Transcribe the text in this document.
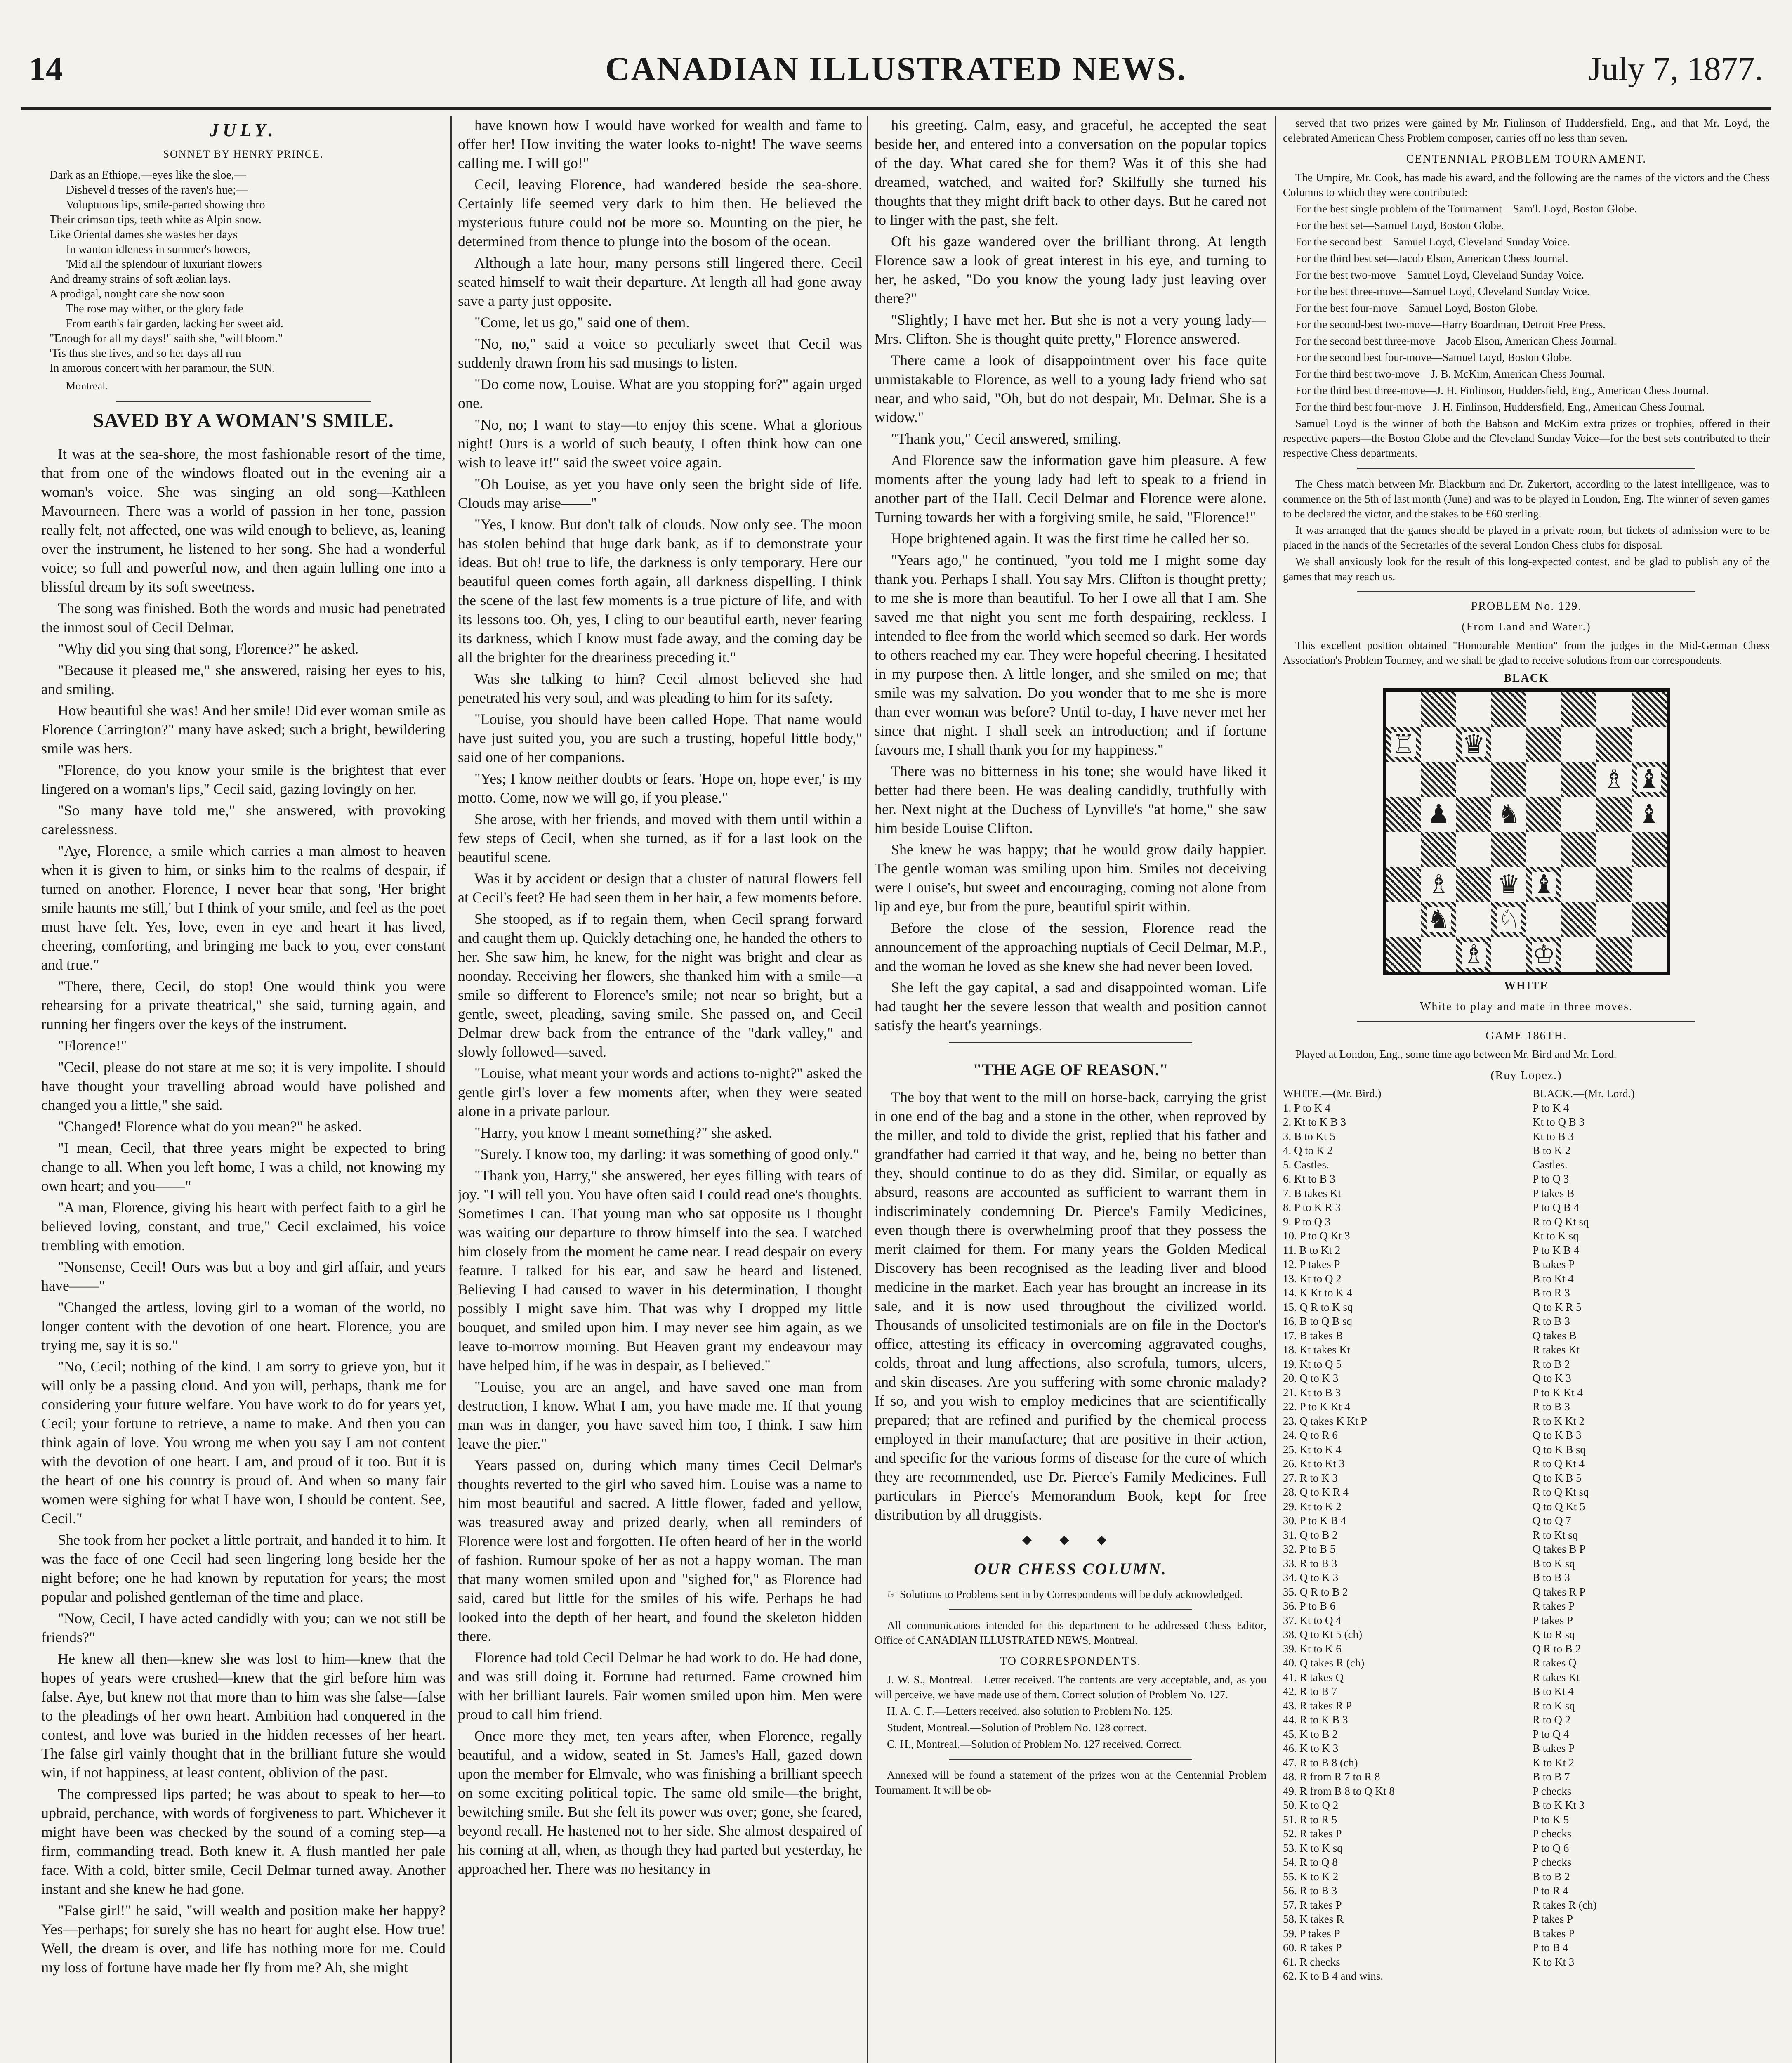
14	CANADIAN ILLUSTRATED NEWS.	July 7, 1877.
JULY.
SONNET BY HENRY PRINCE.
Dark as an Ethiope,—eyes like the sloe,—
Dishevel'd tresses of the raven's hue;—
Voluptuous lips, smile-parted showing thro'
Their crimson tips, teeth white as Alpin snow.
Like Oriental dames she wastes her days
In wanton idleness in summer's bowers,
'Mid all the splendour of luxuriant flowers
And dreamy strains of soft æolian lays.
A prodigal, nought care she now soon
The rose may wither, or the glory fade
From earth's fair garden, lacking her sweet aid.
"Enough for all my days!" saith she, "will bloom."
'Tis thus she lives, and so her days all run
In amorous concert with her paramour, the SUN.
Montreal.
SAVED BY A WOMAN'S SMILE.

It was at the sea-shore, the most fashionable resort of the time, that from one of the windows floated out in the evening air a woman's voice. She was singing an old song—Kathleen Mavourneen. There was a world of passion in her tone, passion really felt, not affected, one was wild enough to believe, as, leaning over the instrument, he listened to her song. She had a wonderful voice; so full and powerful now, and then again lulling one into a blissful dream by its soft sweetness.

The song was finished. Both the words and music had penetrated the inmost soul of Cecil Delmar.

"Why did you sing that song, Florence?" he asked.

"Because it pleased me," she answered, raising her eyes to his, and smiling.

How beautiful she was! And her smile! Did ever woman smile as Florence Carrington?" many have asked; such a bright, bewildering smile was hers.

"Florence, do you know your smile is the brightest that ever lingered on a woman's lips," Cecil said, gazing lovingly on her.

"So many have told me," she answered, with provoking carelessness.

"Aye, Florence, a smile which carries a man almost to heaven when it is given to him, or sinks him to the realms of despair, if turned on another. Florence, I never hear that song, 'Her bright smile haunts me still,' but I think of your smile, and feel as the poet must have felt. Yes, love, even in eye and heart it has lived, cheering, comforting, and bringing me back to you, ever constant and true."

"There, there, Cecil, do stop! One would think you were rehearsing for a private theatrical," she said, turning again, and running her fingers over the keys of the instrument.

"Florence!"

"Cecil, please do not stare at me so; it is very impolite. I should have thought your travelling abroad would have polished and changed you a little," she said.

"Changed! Florence what do you mean?" he asked.

"I mean, Cecil, that three years might be expected to bring change to all. When you left home, I was a child, not knowing my own heart; and you——"

"A man, Florence, giving his heart with perfect faith to a girl he believed loving, constant, and true," Cecil exclaimed, his voice trembling with emotion.

"Nonsense, Cecil! Ours was but a boy and girl affair, and years have——"

"Changed the artless, loving girl to a woman of the world, no longer content with the devotion of one heart. Florence, you are trying me, say it is so."

"No, Cecil; nothing of the kind. I am sorry to grieve you, but it will only be a passing cloud. And you will, perhaps, thank me for considering your future welfare. You have work to do for years yet, Cecil; your fortune to retrieve, a name to make. And then you can think again of love. You wrong me when you say I am not content with the devotion of one heart. I am, and proud of it too. But it is the heart of one his country is proud of. And when so many fair women were sighing for what I have won, I should be content. See, Cecil."

She took from her pocket a little portrait, and handed it to him. It was the face of one Cecil had seen lingering long beside her the night before; one he had known by reputation for years; the most popular and polished gentleman of the time and place.

"Now, Cecil, I have acted candidly with you; can we not still be friends?"

He knew all then—knew she was lost to him—knew that the hopes of years were crushed—knew that the girl before him was false. Aye, but knew not that more than to him was she false—false to the pleadings of her own heart. Ambition had conquered in the contest, and love was buried in the hidden recesses of her heart. The false girl vainly thought that in the brilliant future she would win, if not happiness, at least content, oblivion of the past.

The compressed lips parted; he was about to speak to her—to upbraid, perchance, with words of forgiveness to part. Whichever it might have been was checked by the sound of a coming step—a firm, commanding tread. Both knew it. A flush mantled her pale face. With a cold, bitter smile, Cecil Delmar turned away. Another instant and she knew he had gone.

"False girl!" he said, "will wealth and position make her happy? Yes—perhaps; for surely she has no heart for aught else. How true! Well, the dream is over, and life has nothing more for me. Could my loss of fortune have made her fly from me? Ah, she might

have known how I would have worked for wealth and fame to offer her! How inviting the water looks to-night! The wave seems calling me. I will go!"

Cecil, leaving Florence, had wandered beside the sea-shore. Certainly life seemed very dark to him then. He believed the mysterious future could not be more so. Mounting on the pier, he determined from thence to plunge into the bosom of the ocean.

Although a late hour, many persons still lingered there. Cecil seated himself to wait their departure. At length all had gone away save a party just opposite.

"Come, let us go," said one of them.

"No, no," said a voice so peculiarly sweet that Cecil was suddenly drawn from his sad musings to listen.

"Do come now, Louise. What are you stopping for?" again urged one.

"No, no; I want to stay—to enjoy this scene. What a glorious night! Ours is a world of such beauty, I often think how can one wish to leave it!" said the sweet voice again.

"Oh Louise, as yet you have only seen the bright side of life. Clouds may arise——"

"Yes, I know. But don't talk of clouds. Now only see. The moon has stolen behind that huge dark bank, as if to demonstrate your ideas. But oh! true to life, the darkness is only temporary. Here our beautiful queen comes forth again, all darkness dispelling. I think the scene of the last few moments is a true picture of life, and with its lessons too. Oh, yes, I cling to our beautiful earth, never fearing its darkness, which I know must fade away, and the coming day be all the brighter for the dreariness preceding it."

Was she talking to him? Cecil almost believed she had penetrated his very soul, and was pleading to him for its safety.

"Louise, you should have been called Hope. That name would have just suited you, you are such a trusting, hopeful little body," said one of her companions.

"Yes; I know neither doubts or fears. 'Hope on, hope ever,' is my motto. Come, now we will go, if you please."

She arose, with her friends, and moved with them until within a few steps of Cecil, when she turned, as if for a last look on the beautiful scene.

Was it by accident or design that a cluster of natural flowers fell at Cecil's feet? He had seen them in her hair, a few moments before.

She stooped, as if to regain them, when Cecil sprang forward and caught them up. Quickly detaching one, he handed the others to her. She saw him, he knew, for the night was bright and clear as noonday. Receiving her flowers, she thanked him with a smile—a smile so different to Florence's smile; not near so bright, but a gentle, sweet, pleading, saving smile. She passed on, and Cecil Delmar drew back from the entrance of the "dark valley," and slowly followed—saved.

"Louise, what meant your words and actions to-night?" asked the gentle girl's lover a few moments after, when they were seated alone in a private parlour.

"Harry, you know I meant something?" she asked.

"Surely. I know too, my darling: it was something of good only."

"Thank you, Harry," she answered, her eyes filling with tears of joy. "I will tell you. You have often said I could read one's thoughts. Sometimes I can. That young man who sat opposite us I thought was waiting our departure to throw himself into the sea. I watched him closely from the moment he came near. I read despair on every feature. I talked for his ear, and saw he heard and listened. Believing I had caused to waver in his determination, I thought possibly I might save him. That was why I dropped my little bouquet, and smiled upon him. I may never see him again, as we leave to-morrow morning. But Heaven grant my endeavour may have helped him, if he was in despair, as I believed."

"Louise, you are an angel, and have saved one man from destruction, I know. What I am, you have made me. If that young man was in danger, you have saved him too, I think. I saw him leave the pier."

Years passed on, during which many times Cecil Delmar's thoughts reverted to the girl who saved him. Louise was a name to him most beautiful and sacred. A little flower, faded and yellow, was treasured away and prized dearly, when all reminders of Florence were lost and forgotten. He often heard of her in the world of fashion. Rumour spoke of her as not a happy woman. The man that many women smiled upon and "sighed for," as Florence had said, cared but little for the smiles of his wife. Perhaps he had looked into the depth of her heart, and found the skeleton hidden there.

Florence had told Cecil Delmar he had work to do. He had done, and was still doing it. Fortune had returned. Fame crowned him with her brilliant laurels. Fair women smiled upon him. Men were proud to call him friend.

Once more they met, ten years after, when Florence, regally beautiful, and a widow, seated in St. James's Hall, gazed down upon the member for Elmvale, who was finishing a brilliant speech on some exciting political topic. The same old smile—the bright, bewitching smile. But she felt its power was over; gone, she feared, beyond recall. He hastened not to her side. She almost despaired of his coming at all, when, as though they had parted but yesterday, he approached her. There was no hesitancy in

his greeting. Calm, easy, and graceful, he accepted the seat beside her, and entered into a conversation on the popular topics of the day. What cared she for them? Was it of this she had dreamed, watched, and waited for? Skilfully she turned his thoughts that they might drift back to other days. But he cared not to linger with the past, she felt.

Oft his gaze wandered over the brilliant throng. At length Florence saw a look of great interest in his eye, and turning to her, he asked, "Do you know the young lady just leaving over there?"

"Slightly; I have met her. But she is not a very young lady—Mrs. Clifton. She is thought quite pretty," Florence answered.

There came a look of disappointment over his face quite unmistakable to Florence, as well to a young lady friend who sat near, and who said, "Oh, but do not despair, Mr. Delmar. She is a widow."

"Thank you," Cecil answered, smiling.

And Florence saw the information gave him pleasure. A few moments after the young lady had left to speak to a friend in another part of the Hall. Cecil Delmar and Florence were alone. Turning towards her with a forgiving smile, he said, "Florence!"

Hope brightened again. It was the first time he called her so.

"Years ago," he continued, "you told me I might some day thank you. Perhaps I shall. You say Mrs. Clifton is thought pretty; to me she is more than beautiful. To her I owe all that I am. She saved me that night you sent me forth despairing, reckless. I intended to flee from the world which seemed so dark. Her words to others reached my ear. They were hopeful cheering. I hesitated in my purpose then. A little longer, and she smiled on me; that smile was my salvation. Do you wonder that to me she is more than ever woman was before? Until to-day, I have never met her since that night. I shall seek an introduction; and if fortune favours me, I shall thank you for my happiness."

There was no bitterness in his tone; she would have liked it better had there been. He was dealing candidly, truthfully with her. Next night at the Duchess of Lynville's "at home," she saw him beside Louise Clifton.

She knew he was happy; that he would grow daily happier. The gentle woman was smiling upon him. Smiles not deceiving were Louise's, but sweet and encouraging, coming not alone from lip and eye, but from the pure, beautiful spirit within.

Before the close of the session, Florence read the announcement of the approaching nuptials of Cecil Delmar, M.P., and the woman he loved as she knew she had never been loved.

She left the gay capital, a sad and disappointed woman. Life had taught her the severe lesson that wealth and position cannot satisfy the heart's yearnings.

"THE AGE OF REASON."

The boy that went to the mill on horse-back, carrying the grist in one end of the bag and a stone in the other, when reproved by the miller, and told to divide the grist, replied that his father and grandfather had carried it that way, and he, being no better than they, should continue to do as they did. Similar, or equally as absurd, reasons are accounted as sufficient to warrant them in indiscriminately condemning Dr. Pierce's Family Medicines, even though there is overwhelming proof that they possess the merit claimed for them. For many years the Golden Medical Discovery has been recognised as the leading liver and blood medicine in the market. Each year has brought an increase in its sale, and it is now used throughout the civilized world. Thousands of unsolicited testimonials are on file in the Doctor's office, attesting its efficacy in overcoming aggravated coughs, colds, throat and lung affections, also scrofula, tumors, ulcers, and skin diseases. Are you suffering with some chronic malady? If so, and you wish to employ medicines that are scientifically prepared; that are refined and purified by the chemical process employed in their manufacture; that are positive in their action, and specific for the various forms of disease for the cure of which they are recommended, use Dr. Pierce's Family Medicines. Full particulars in Pierce's Memorandum Book, kept for free distribution by all druggists.

◆ ◆ ◆
OUR CHESS COLUMN.

☞ Solutions to Problems sent in by Correspondents will be duly acknowledged.

All communications intended for this department to be addressed Chess Editor, Office of CANADIAN ILLUSTRATED NEWS, Montreal.

TO CORRESPONDENTS.

J. W. S., Montreal.—Letter received. The contents are very acceptable, and, as you will perceive, we have made use of them. Correct solution of Problem No. 127.

H. A. C. F.—Letters received, also solution to Problem No. 125.

Student, Montreal.—Solution of Problem No. 128 correct.

C. H., Montreal.—Solution of Problem No. 127 received. Correct.

Annexed will be found a statement of the prizes won at the Centennial Problem Tournament. It will be ob-

served that two prizes were gained by Mr. Finlinson of Huddersfield, Eng., and that Mr. Loyd, the celebrated American Chess Problem composer, carries off no less than seven.

CENTENNIAL PROBLEM TOURNAMENT.

The Umpire, Mr. Cook, has made his award, and the following are the names of the victors and the Chess Columns to which they were contributed:

For the best single problem of the Tournament—Sam'l. Loyd, Boston Globe.

For the best set—Samuel Loyd, Boston Globe.

For the second best—Samuel Loyd, Cleveland Sunday Voice.

For the third best set—Jacob Elson, American Chess Journal.

For the best two-move—Samuel Loyd, Cleveland Sunday Voice.

For the best three-move—Samuel Loyd, Cleveland Sunday Voice.

For the best four-move—Samuel Loyd, Boston Globe.

For the second-best two-move—Harry Boardman, Detroit Free Press.

For the second best three-move—Jacob Elson, American Chess Journal.

For the second best four-move—Samuel Loyd, Boston Globe.

For the third best two-move—J. B. McKim, American Chess Journal.

For the third best three-move—J. H. Finlinson, Huddersfield, Eng., American Chess Journal.

For the third best four-move—J. H. Finlinson, Huddersfield, Eng., American Chess Journal.

Samuel Loyd is the winner of both the Babson and McKim extra prizes or trophies, offered in their respective papers—the Boston Globe and the Cleveland Sunday Voice—for the best sets contributed to their respective Chess departments.

The Chess match between Mr. Blackburn and Dr. Zukertort, according to the latest intelligence, was to commence on the 5th of last month (June) and was to be played in London, Eng. The winner of seven games to be declared the victor, and the stakes to be £60 sterling.

It was arranged that the games should be played in a private room, but tickets of admission were to be placed in the hands of the Secretaries of the several London Chess clubs for disposal.

We shall anxiously look for the result of this long-expected contest, and be glad to publish any of the games that may reach us.

PROBLEM No. 129.
(From Land and Water.)

This excellent position obtained "Honourable Mention" from the judges in the Mid-German Chess Association's Problem Tourney, and we shall be glad to receive solutions from our correspondents.

BLACK
♖ ♛
♗ ♝
♟ ♞	♝
♗ ♛ ♝
♞ ♘
♗ ♔
WHITE
White to play and mate in three moves.
GAME 186TH.

Played at London, Eng., some time ago between Mr. Bird and Mr. Lord.

(Ruy Lopez.)
WHITE.—(Mr. Bird.)	BLACK.—(Mr. Lord.)
1. P to K 4	P to K 4
2. Kt to K B 3	Kt to Q B 3
3. B to Kt 5	Kt to B 3
4. Q to K 2	B to K 2
5. Castles.	Castles.
6. Kt to B 3	P to Q 3
7. B takes Kt	P takes B
8. P to K R 3	P to Q B 4
9. P to Q 3	R to Q Kt sq
10. P to Q Kt 3	Kt to K sq
11. B to Kt 2	P to K B 4
12. P takes P	B takes P
13. Kt to Q 2	B to Kt 4
14. K Kt to K 4	B to R 3
15. Q R to K sq	Q to K R 5
16. B to Q B sq	R to B 3
17. B takes B	Q takes B
18. Kt takes Kt	R takes Kt
19. Kt to Q 5	R to B 2
20. Q to K 3	Q to K 3
21. Kt to B 3	P to K Kt 4
22. P to K Kt 4	R to B 3
23. Q takes K Kt P	R to K Kt 2
24. Q to R 6	Q to K B 3
25. Kt to K 4	Q to K B sq
26. Kt to Kt 3	R to Q Kt 4
27. R to K 3	Q to K B 5
28. Q to K R 4	R to Q Kt sq
29. Kt to K 2	Q to Q Kt 5
30. P to K B 4	Q to Q 7
31. Q to B 2	R to Kt sq
32. P to B 5	Q takes B P
33. R to B 3	B to K sq
34. Q to K 3	B to B 3
35. Q R to B 2	Q takes R P
36. P to B 6	R takes P
37. Kt to Q 4	P takes P
38. Q to Kt 5 (ch)	K to R sq
39. Kt to K 6	Q R to B 2
40. Q takes R (ch)	R takes Q
41. R takes Q	R takes Kt
42. R to B 7	B to Kt 4
43. R takes R P	R to K sq
44. R to K B 3	R to Q 2
45. K to B 2	P to Q 4
46. K to K 3	B takes P
47. R to B 8 (ch)	K to Kt 2
48. R from R 7 to R 8	B to B 7
49. R from B 8 to Q Kt 8	P checks
50. K to Q 2	B to K Kt 3
51. R to R 5	P to K 5
52. R takes P	P checks
53. K to K sq	P to Q 6
54. R to Q 8	P checks
55. K to K 2	B to B 2
56. R to B 3	P to R 4
57. R takes P	R takes R (ch)
58. K takes R	P takes P
59. P takes P	B takes P
60. R takes P	P to B 4
61. R checks	K to Kt 3
62. K to B 4 and wins.
